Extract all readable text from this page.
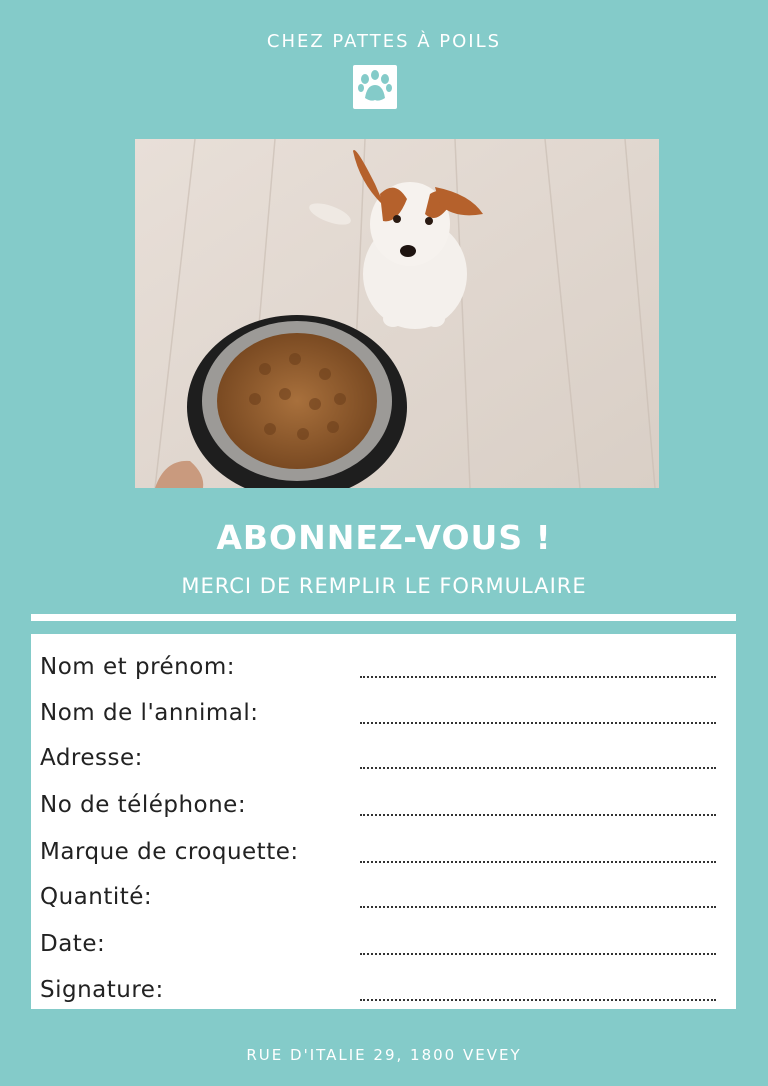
CHEZ PATTES À POILS
ABONNEZ-VOUS !
MERCI DE REMPLIR LE FORMULAIRE
Nom et prénom:
Nom de l'annimal:
Adresse:
No de téléphone:
Marque de croquette:
Quantité:
Date:
Signature:
RUE D'ITALIE 29, 1800 VEVEY
